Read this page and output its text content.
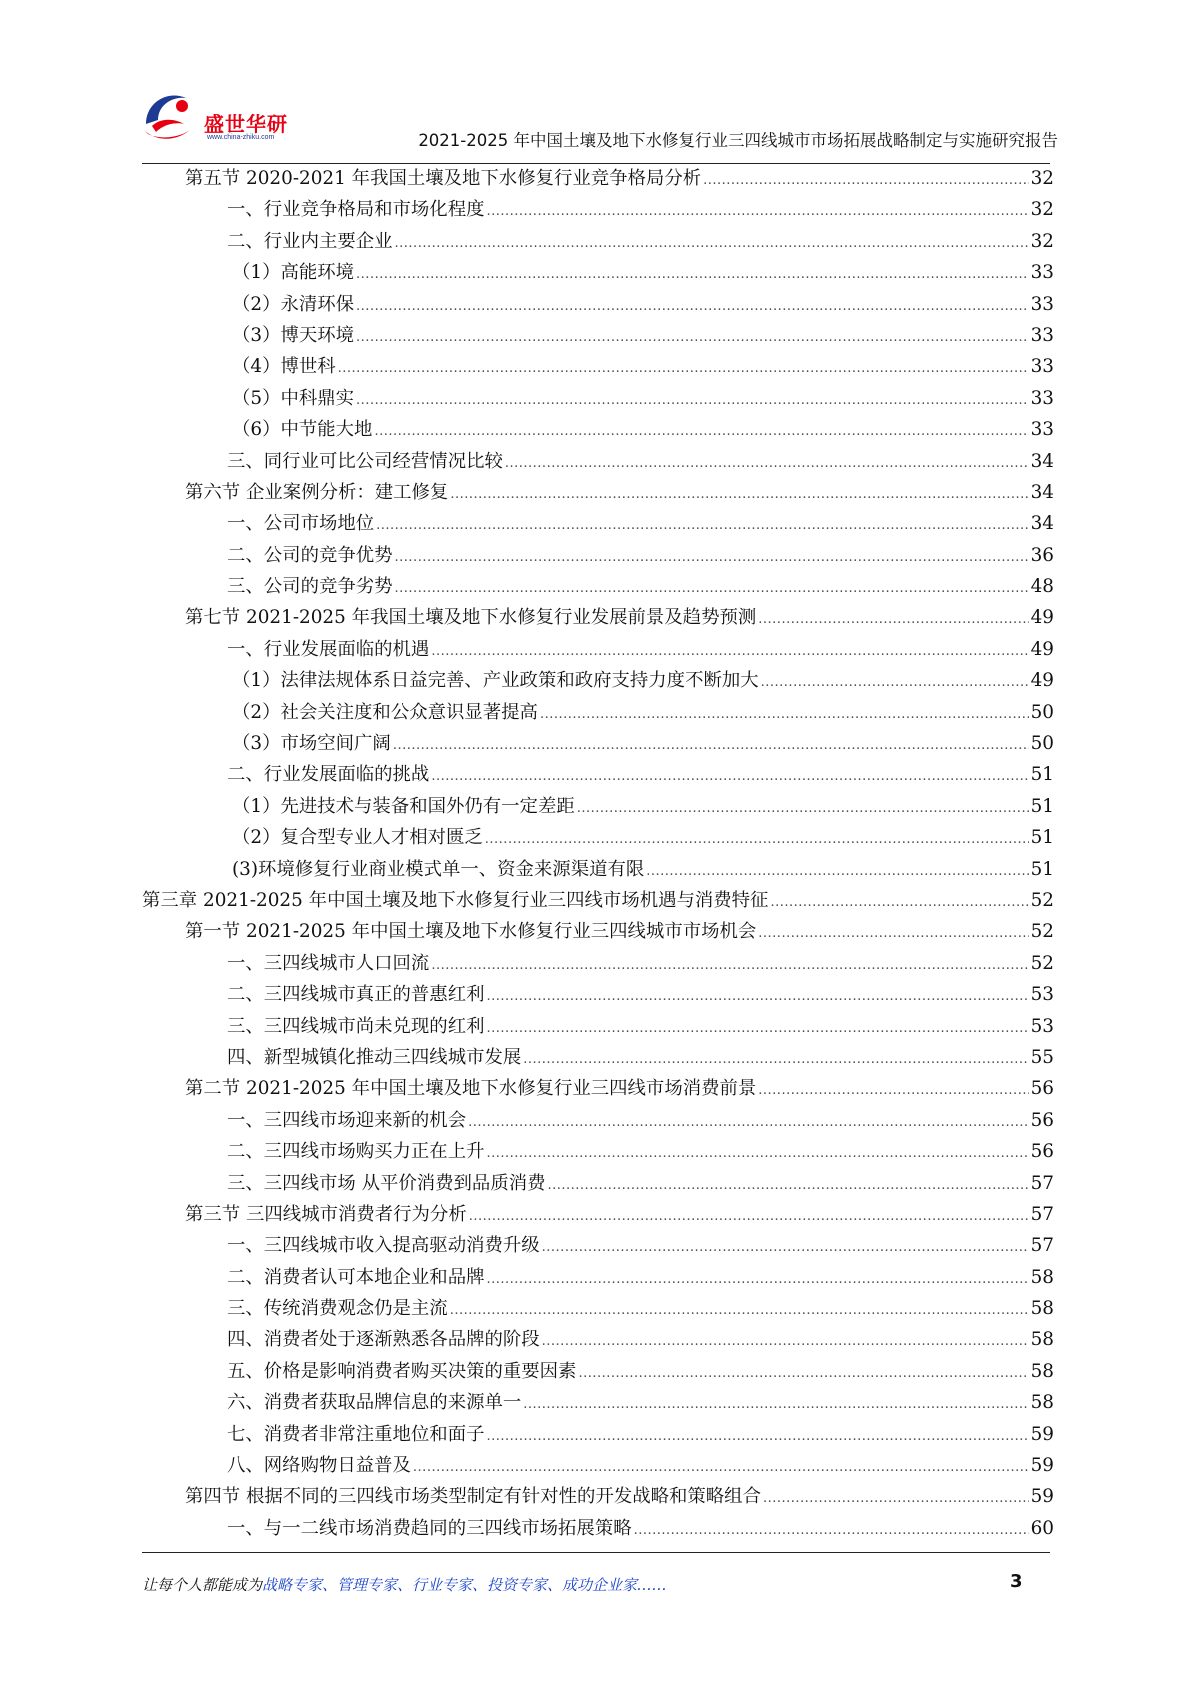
盛世华研
www.china-zhiku.com	2021-2025 年中国土壤及地下水修复行业三四线城市市场拓展战略制定与实施研究报告
第五节 2020-2021 年我国土壤及地下水修复行业竞争格局分析 .....	32
一、行业竞争格局和市场化程度 .....	32
二、行业内主要企业 .....	32
（1）高能环境 .....	33
（2）永清环保 .....	33
（3）博天环境 .....	33
（4）博世科 .....	33
（5）中科鼎实 .....	33
（6）中节能大地 .....	33
三、同行业可比公司经营情况比较 .....	34
第六节 企业案例分析：建工修复 .....	34
一、公司市场地位 .....	34
二、公司的竞争优势 .....	36
三、公司的竞争劣势 .....	48
第七节 2021-2025 年我国土壤及地下水修复行业发展前景及趋势预测 .....	49
一、行业发展面临的机遇 .....	49
（1）法律法规体系日益完善、产业政策和政府支持力度不断加大 .....	49
（2）社会关注度和公众意识显著提高 .....	50
（3）市场空间广阔 .....	50
二、行业发展面临的挑战 .....	51
（1）先进技术与装备和国外仍有一定差距 .....	51
（2）复合型专业人才相对匮乏 .....	51
(3)环境修复行业商业模式单一、资金来源渠道有限 .....	51
第三章 2021-2025 年中国土壤及地下水修复行业三四线市场机遇与消费特征 .....	52
第一节 2021-2025 年中国土壤及地下水修复行业三四线城市市场机会 .....	52
一、三四线城市人口回流 .....	52
二、三四线城市真正的普惠红利 .....	53
三、三四线城市尚未兑现的红利 .....	53
四、新型城镇化推动三四线城市发展 .....	55
第二节 2021-2025 年中国土壤及地下水修复行业三四线市场消费前景 .....	56
一、三四线市场迎来新的机会 .....	56
二、三四线市场购买力正在上升 .....	56
三、三四线市场 从平价消费到品质消费 .....	57
第三节 三四线城市消费者行为分析 .....	57
一、三四线城市收入提高驱动消费升级 .....	57
二、消费者认可本地企业和品牌 .....	58
三、传统消费观念仍是主流 .....	58
四、消费者处于逐渐熟悉各品牌的阶段 .....	58
五、价格是影响消费者购买决策的重要因素 .....	58
六、消费者获取品牌信息的来源单一 .....	58
七、消费者非常注重地位和面子 .....	59
八、网络购物日益普及 .....	59
第四节 根据不同的三四线市场类型制定有针对性的开发战略和策略组合 .....	59
一、与一二线市场消费趋同的三四线市场拓展策略 .....	60
让每个人都能成为战略专家、管理专家、行业专家、投资专家、成功企业家……	3
